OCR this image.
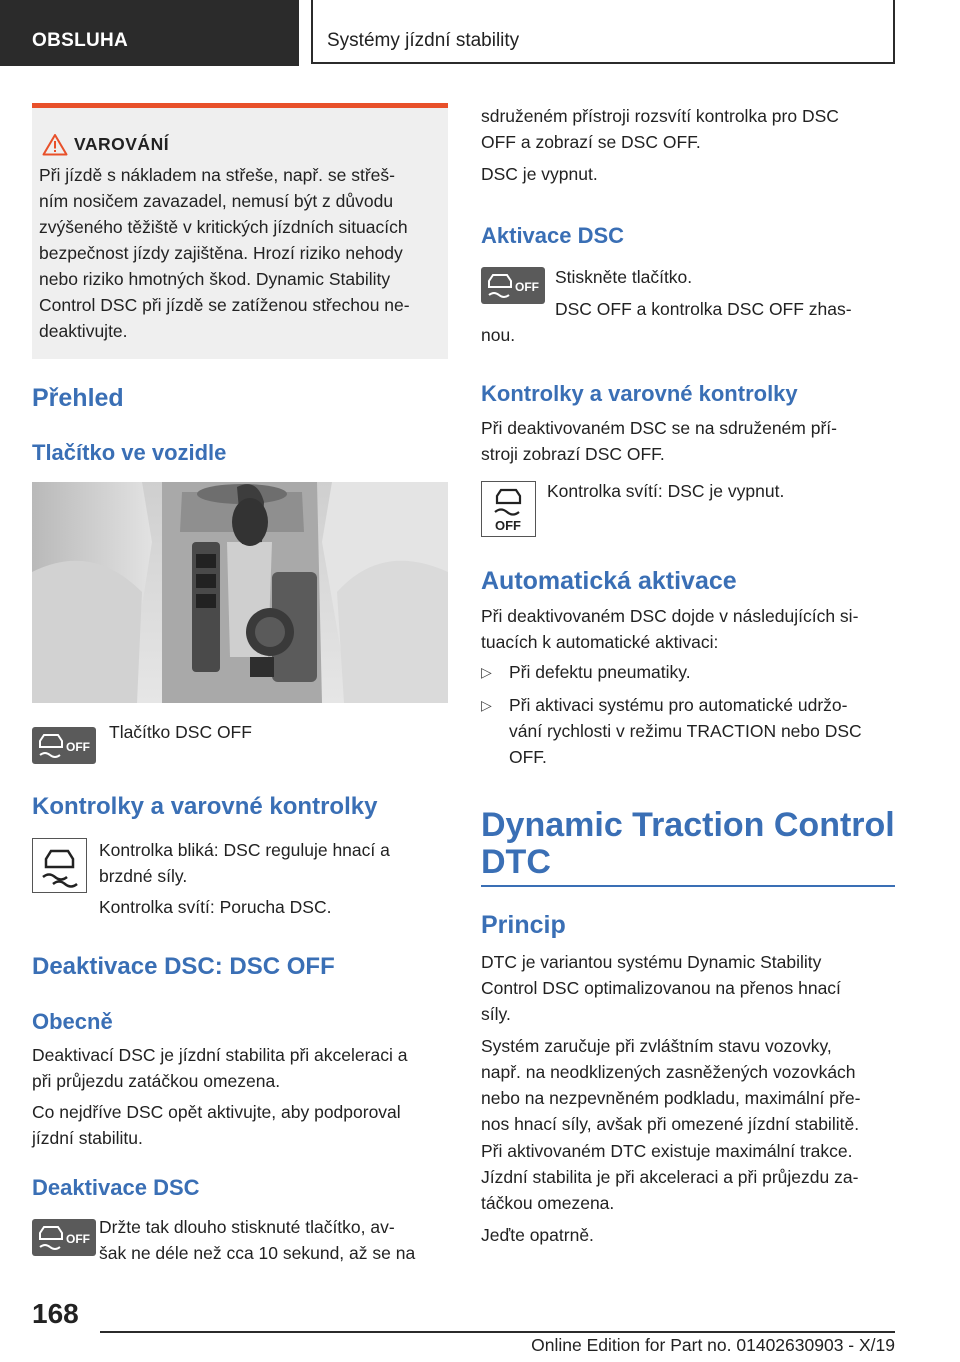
OBSLUHA	Systémy jízdní stability
VAROVÁNÍ

Při jízdě s nákladem na střeše, např. se střeš-

ním nosičem zavazadel, nemusí být z důvodu

zvýšeného těžiště v kritických jízdních situacích

bezpečnost jízdy zajištěna. Hrozí riziko nehody

nebo riziko hmotných škod. Dynamic Stability

Control DSC při jízdě se zatíženou střechou ne-

deaktivujte.

Přehled
Tlačítko ve vozidle
OFF
Tlačítko DSC OFF
Kontrolky a varovné kontrolky

Kontrolka bliká: DSC reguluje hnací a

brzdné síly.

Kontrolka svítí: Porucha DSC.

Deaktivace DSC: DSC OFF
Obecně

Deaktivací DSC je jízdní stabilita při akceleraci a

při průjezdu zatáčkou omezena.

Co nejdříve DSC opět aktivujte, aby podporoval

jízdní stabilitu.

Deaktivace DSC
OFF

Držte tak dlouho stisknuté tlačítko, av-

šak ne déle než cca 10 sekund, až se na

sdruženém přístroji rozsvítí kontrolka pro DSC

OFF a zobrazí se DSC OFF.

DSC je vypnut.

Aktivace DSC
OFF Stiskněte tlačítko.

DSC OFF a kontrolka DSC OFF zhas-

nou.

Kontrolky a varovné kontrolky

Při deaktivovaném DSC se na sdruženém pří-

stroji zobrazí DSC OFF.

OFF

Kontrolka svítí: DSC je vypnut.

Automatická aktivace

Při deaktivovaném DSC dojde v následujících si-

tuacích k automatické aktivaci:

▷ Při defektu pneumatiky.

▷ Při aktivaci systému pro automatické udržo-

vání rychlosti v režimu TRACTION nebo DSC

OFF.

Dynamic Traction Control
DTC
Princip

DTC je variantou systému Dynamic Stability

Control DSC optimalizovanou na přenos hnací

síly.

Systém zaručuje při zvláštním stavu vozovky,

např. na neodklizených zasněžených vozovkách

nebo na nezpevněném podkladu, maximální pře-

nos hnací síly, avšak při omezené jízdní stabilitě.

Při aktivovaném DTC existuje maximální trakce.

Jízdní stabilita je při akceleraci a při průjezdu za-

táčkou omezena.

Jeďte opatrně.

168
Online Edition for Part no. 01402630903 - X/19
